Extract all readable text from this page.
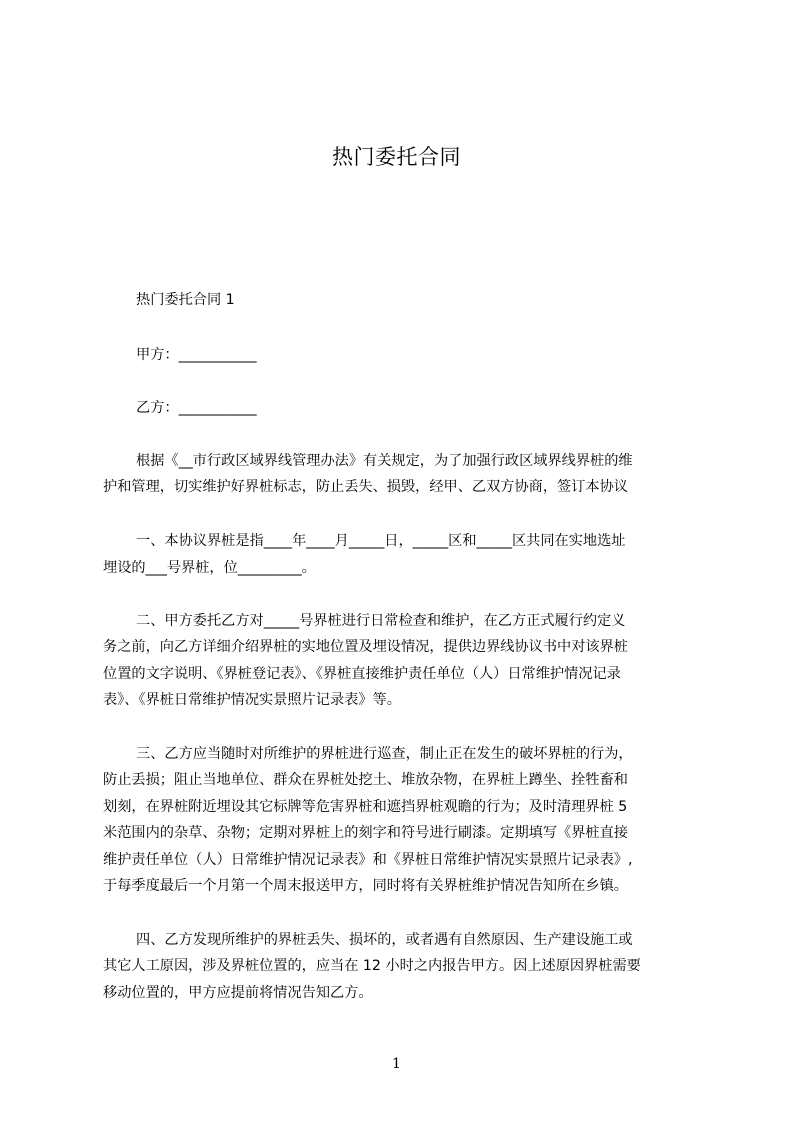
热门委托合同
热门委托合同 1
甲方：___________
乙方：___________
根据《__市行政区域界线管理办法》有关规定，为了加强行政区域界线界桩的维
护和管理，切实维护好界桩标志，防止丢失、损毁，经甲、乙双方协商，签订本协议
一、本协议界桩是指____年____月_____日，_____区和_____区共同在实地选址
埋设的___号界桩，位_________。
二、甲方委托乙方对_____号界桩进行日常检查和维护，在乙方正式履行约定义
务之前，向乙方详细介绍界桩的实地位置及埋设情况，提供边界线协议书中对该界桩
位置的文字说明、《界桩登记表》、《界桩直接维护责任单位（人）日常维护情况记录
表》、《界桩日常维护情况实景照片记录表》等。
三、乙方应当随时对所维护的界桩进行巡查，制止正在发生的破坏界桩的行为，
防止丢损；阻止当地单位、群众在界桩处挖土、堆放杂物，在界桩上蹲坐、拴牲畜和
划刻，在界桩附近埋设其它标牌等危害界桩和遮挡界桩观瞻的行为；及时清理界桩 5
米范围内的杂草、杂物；定期对界桩上的刻字和符号进行刷漆。定期填写《界桩直接
维护责任单位（人）日常维护情况记录表》和《界桩日常维护情况实景照片记录表》,
于每季度最后一个月第一个周末报送甲方，同时将有关界桩维护情况告知所在乡镇。
四、乙方发现所维护的界桩丢失、损坏的，或者遇有自然原因、生产建设施工或
其它人工原因，涉及界桩位置的，应当在 12 小时之内报告甲方。因上述原因界桩需要
移动位置的，甲方应提前将情况告知乙方。
1
